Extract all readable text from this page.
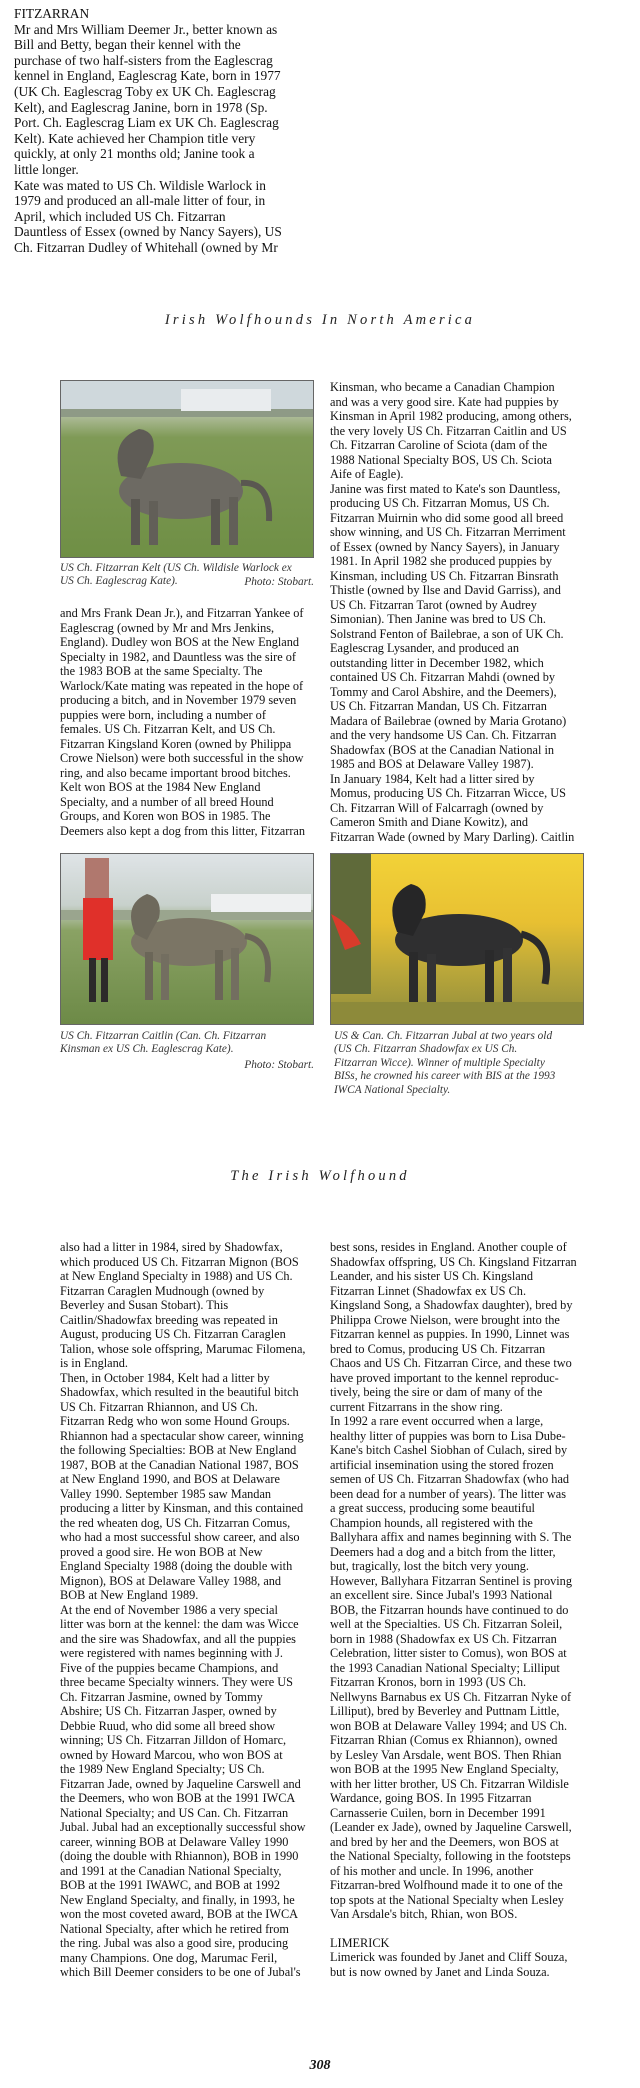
FITZARRAN
Mr and Mrs William Deemer Jr., better known as
Bill and Betty, began their kennel with the
purchase of two half-sisters from the Eaglescrag
kennel in England, Eaglescrag Kate, born in 1977
(UK Ch. Eaglescrag Toby ex UK Ch. Eaglescrag
Kelt), and Eaglescrag Janine, born in 1978 (Sp.
Port. Ch. Eaglescrag Liam ex UK Ch. Eaglescrag
Kelt). Kate achieved her Champion title very
quickly, at only 21 months old; Janine took a
little longer.
Kate was mated to US Ch. Wildisle Warlock in
1979 and produced an all-male litter of four, in
April, which included US Ch. Fitzarran
Dauntless of Essex (owned by Nancy Sayers), US
Ch. Fitzarran Dudley of Whitehall (owned by Mr
Irish Wolfhounds In North America
US Ch. Fitzarran Kelt (US Ch. Wildisle Warlock ex
US Ch. Eaglescrag Kate).	Photo: Stobart.
and Mrs Frank Dean Jr.), and Fitzarran Yankee of
Eaglescrag (owned by Mr and Mrs Jenkins,
England). Dudley won BOS at the New England
Specialty in 1982, and Dauntless was the sire of
the 1983 BOB at the same Specialty. The
Warlock/Kate mating was repeated in the hope of
producing a bitch, and in November 1979 seven
puppies were born, including a number of
females. US Ch. Fitzarran Kelt, and US Ch.
Fitzarran Kingsland Koren (owned by Philippa
Crowe Nielson) were both successful in the show
ring, and also became important brood bitches.
Kelt won BOS at the 1984 New England
Specialty, and a number of all breed Hound
Groups, and Koren won BOS in 1985. The
Deemers also kept a dog from this litter, Fitzarran
Kinsman, who became a Canadian Champion
and was a very good sire. Kate had puppies by
Kinsman in April 1982 producing, among others,
the very lovely US Ch. Fitzarran Caitlin and US
Ch. Fitzarran Caroline of Sciota (dam of the
1988 National Specialty BOS, US Ch. Sciota
Aife of Eagle).
Janine was first mated to Kate's son Dauntless,
producing US Ch. Fitzarran Momus, US Ch.
Fitzarran Muirnin who did some good all breed
show winning, and US Ch. Fitzarran Merriment
of Essex (owned by Nancy Sayers), in January
1981. In April 1982 she produced puppies by
Kinsman, including US Ch. Fitzarran Binsrath
Thistle (owned by Ilse and David Garriss), and
US Ch. Fitzarran Tarot (owned by Audrey
Simonian). Then Janine was bred to US Ch.
Solstrand Fenton of Bailebrae, a son of UK Ch.
Eaglescrag Lysander, and produced an
outstanding litter in December 1982, which
contained US Ch. Fitzarran Mahdi (owned by
Tommy and Carol Abshire, and the Deemers),
US Ch. Fitzarran Mandan, US Ch. Fitzarran
Madara of Bailebrae (owned by Maria Grotano)
and the very handsome US Can. Ch. Fitzarran
Shadowfax (BOS at the Canadian National in
1985 and BOS at Delaware Valley 1987).
In January 1984, Kelt had a litter sired by
Momus, producing US Ch. Fitzarran Wicce, US
Ch. Fitzarran Will of Falcarragh (owned by
Cameron Smith and Diane Kowitz), and
Fitzarran Wade (owned by Mary Darling). Caitlin
US Ch. Fitzarran Caitlin (Can. Ch. Fitzarran
Kinsman ex US Ch. Eaglescrag Kate).
Photo: Stobart.
US & Can. Ch. Fitzarran Jubal at two years old
(US Ch. Fitzarran Shadowfax ex US Ch.
Fitzarran Wicce). Winner of multiple Specialty
BISs, he crowned his career with BIS at the 1993
IWCA National Specialty.
The Irish Wolfhound
also had a litter in 1984, sired by Shadowfax,
which produced US Ch. Fitzarran Mignon (BOS
at New England Specialty in 1988) and US Ch.
Fitzarran Caraglen Mudnough (owned by
Beverley and Susan Stobart). This
Caitlin/Shadowfax breeding was repeated in
August, producing US Ch. Fitzarran Caraglen
Talion, whose sole offspring, Marumac Filomena,
is in England.
Then, in October 1984, Kelt had a litter by
Shadowfax, which resulted in the beautiful bitch
US Ch. Fitzarran Rhiannon, and US Ch.
Fitzarran Redg who won some Hound Groups.
Rhiannon had a spectacular show career, winning
the following Specialties: BOB at New England
1987, BOB at the Canadian National 1987, BOS
at New England 1990, and BOS at Delaware
Valley 1990. September 1985 saw Mandan
producing a litter by Kinsman, and this contained
the red wheaten dog, US Ch. Fitzarran Comus,
who had a most successful show career, and also
proved a good sire. He won BOB at New
England Specialty 1988 (doing the double with
Mignon), BOS at Delaware Valley 1988, and
BOB at New England 1989.
At the end of November 1986 a very special
litter was born at the kennel: the dam was Wicce
and the sire was Shadowfax, and all the puppies
were registered with names beginning with J.
Five of the puppies became Champions, and
three became Specialty winners. They were US
Ch. Fitzarran Jasmine, owned by Tommy
Abshire; US Ch. Fitzarran Jasper, owned by
Debbie Ruud, who did some all breed show
winning; US Ch. Fitzarran Jilldon of Homarc,
owned by Howard Marcou, who won BOS at
the 1989 New England Specialty; US Ch.
Fitzarran Jade, owned by Jaqueline Carswell and
the Deemers, who won BOB at the 1991 IWCA
National Specialty; and US Can. Ch. Fitzarran
Jubal. Jubal had an exceptionally successful show
career, winning BOB at Delaware Valley 1990
(doing the double with Rhiannon), BOB in 1990
and 1991 at the Canadian National Specialty,
BOB at the 1991 IWAWC, and BOB at 1992
New England Specialty, and finally, in 1993, he
won the most coveted award, BOB at the IWCA
National Specialty, after which he retired from
the ring. Jubal was also a good sire, producing
many Champions. One dog, Marumac Feril,
which Bill Deemer considers to be one of Jubal's
best sons, resides in England. Another couple of
Shadowfax offspring, US Ch. Kingsland Fitzarran
Leander, and his sister US Ch. Kingsland
Fitzarran Linnet (Shadowfax ex US Ch.
Kingsland Song, a Shadowfax daughter), bred by
Philippa Crowe Nielson, were brought into the
Fitzarran kennel as puppies. In 1990, Linnet was
bred to Comus, producing US Ch. Fitzarran
Chaos and US Ch. Fitzarran Circe, and these two
have proved important to the kennel reproduc-
tively, being the sire or dam of many of the
current Fitzarrans in the show ring.
In 1992 a rare event occurred when a large,
healthy litter of puppies was born to Lisa Dube-
Kane's bitch Cashel Siobhan of Culach, sired by
artificial insemination using the stored frozen
semen of US Ch. Fitzarran Shadowfax (who had
been dead for a number of years). The litter was
a great success, producing some beautiful
Champion hounds, all registered with the
Ballyhara affix and names beginning with S. The
Deemers had a dog and a bitch from the litter,
but, tragically, lost the bitch very young.
However, Ballyhara Fitzarran Sentinel is proving
an excellent sire. Since Jubal's 1993 National
BOB, the Fitzarran hounds have continued to do
well at the Specialties. US Ch. Fitzarran Soleil,
born in 1988 (Shadowfax ex US Ch. Fitzarran
Celebration, litter sister to Comus), won BOS at
the 1993 Canadian National Specialty; Lilliput
Fitzarran Kronos, born in 1993 (US Ch.
Nellwyns Barnabus ex US Ch. Fitzarran Nyke of
Lilliput), bred by Beverley and Puttnam Little,
won BOB at Delaware Valley 1994; and US Ch.
Fitzarran Rhian (Comus ex Rhiannon), owned
by Lesley Van Arsdale, went BOS. Then Rhian
won BOB at the 1995 New England Specialty,
with her litter brother, US Ch. Fitzarran Wildisle
Wardance, going BOS. In 1995 Fitzarran
Carnasserie Cuilen, born in December 1991
(Leander ex Jade), owned by Jaqueline Carswell,
and bred by her and the Deemers, won BOS at
the National Specialty, following in the footsteps
of his mother and uncle. In 1996, another
Fitzarran-bred Wolfhound made it to one of the
top spots at the National Specialty when Lesley
Van Arsdale's bitch, Rhian, won BOS.
LIMERICK
Limerick was founded by Janet and Cliff Souza,
but is now owned by Janet and Linda Souza.
308
